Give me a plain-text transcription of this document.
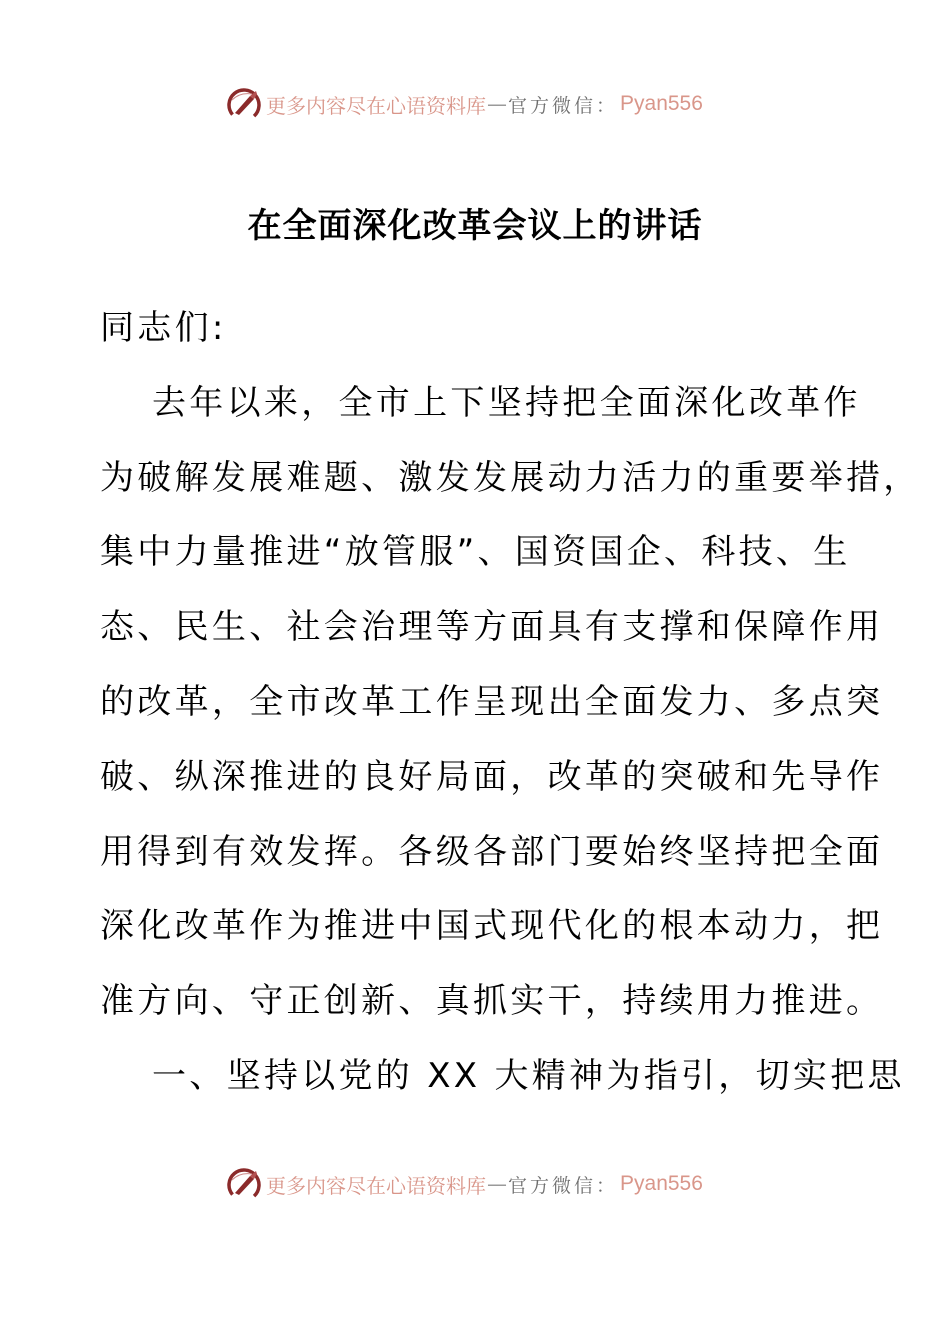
更多内容尽在心语资料库 — 官方微信： Pyan556
在全面深化改革会议上的讲话
同志们:
去年以来，全市上下坚持把全面深化改革作
为破解发展难题、激发发展动力活力的重要举措，
集中力量推进“放管服”、国资国企、科技、生
态、民生、社会治理等方面具有支撑和保障作用
的改革，全市改革工作呈现出全面发力、多点突
破、纵深推进的良好局面，改革的突破和先导作
用得到有效发挥。各级各部门要始终坚持把全面
深化改革作为推进中国式现代化的根本动力，把
准方向、守正创新、真抓实干，持续用力推进。
一、坚持以党的 XX 大精神为指引，切实把思
更多内容尽在心语资料库 — 官方微信： Pyan556
